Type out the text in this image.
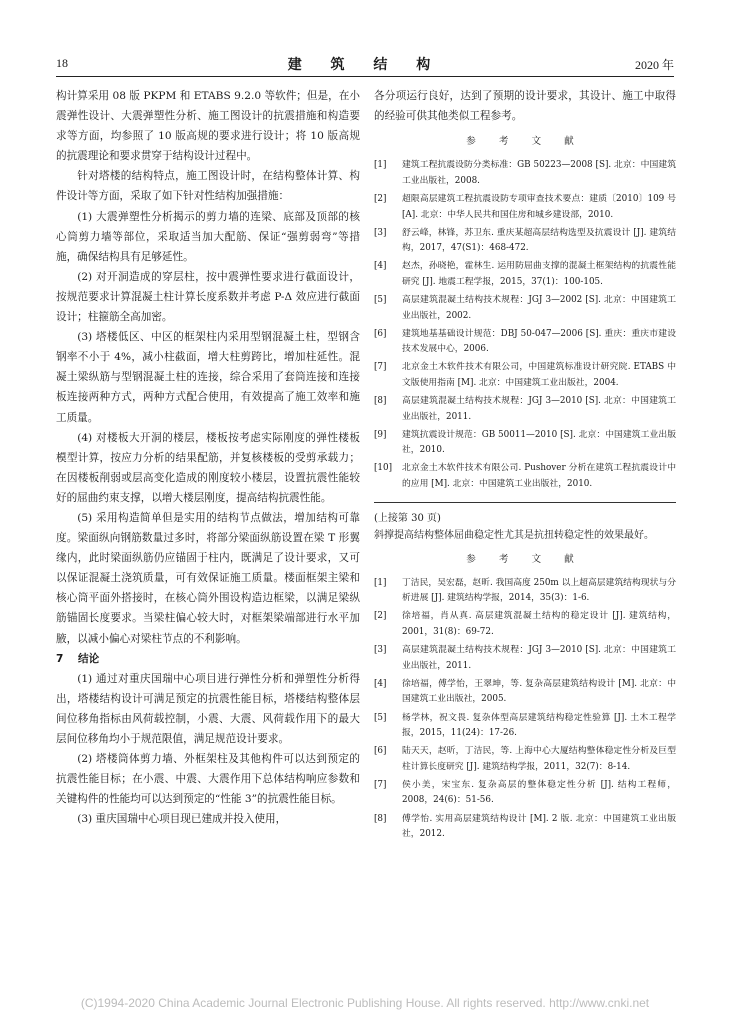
18	建 筑 结 构	2020 年

构计算采用 08 版 PKPM 和 ETABS 9.2.0 等软件；但是，在小震弹性设计、大震弹塑性分析、施工图设计的抗震措施和构造要求等方面，均参照了 10 版高规的要求进行设计；将 10 版高规的抗震理论和要求贯穿于结构设计过程中。

针对塔楼的结构特点，施工图设计时，在结构整体计算、构件设计等方面，采取了如下针对性结构加强措施：

(1) 大震弹塑性分析揭示的剪力墙的连梁、底部及顶部的核心筒剪力墙等部位，采取适当加大配筋、保证“强剪弱弯”等措施，确保结构具有足够延性。

(2) 对开洞造成的穿层柱，按中震弹性要求进行截面设计，按规范要求计算混凝土柱计算长度系数并考虑 P-Δ 效应进行截面设计；柱箍筋全高加密。

(3) 塔楼低区、中区的框架柱内采用型钢混凝土柱，型钢含钢率不小于 4%，减小柱截面，增大柱剪跨比，增加柱延性。混凝土梁纵筋与型钢混凝土柱的连接，综合采用了套筒连接和连接板连接两种方式，两种方式配合使用，有效提高了施工效率和施工质量。

(4) 对楼板大开洞的楼层，楼板按考虑实际刚度的弹性楼板模型计算，按应力分析的结果配筋，并复核楼板的受剪承载力；在因楼板削弱或层高变化造成的刚度较小楼层，设置抗震性能较好的屈曲约束支撑，以增大楼层刚度，提高结构抗震性能。

(5) 采用构造简单但是实用的结构节点做法，增加结构可靠度。梁面纵向钢筋数量过多时，将部分梁面纵筋设置在梁 T 形翼缘内，此时梁面纵筋仍应锚固于柱内，既满足了设计要求，又可以保证混凝土浇筑质量，可有效保证施工质量。楼面框架主梁和核心筒平面外搭接时，在核心筒外围设构造边框梁，以满足梁纵筋锚固长度要求。当梁柱偏心较大时，对框架梁端部进行水平加腋，以减小偏心对梁柱节点的不利影响。

7 结论

(1) 通过对重庆国瑞中心项目进行弹性分析和弹塑性分析得出，塔楼结构设计可满足预定的抗震性能目标，塔楼结构整体层间位移角指标由风荷载控制，小震、大震、风荷载作用下的最大层间位移角均小于规范限值，满足规范设计要求。

(2) 塔楼筒体剪力墙、外框架柱及其他构件可以达到预定的抗震性能目标；在小震、中震、大震作用下总体结构响应参数和关键构件的性能均可以达到预定的“性能 3”的抗震性能目标。

(3) 重庆国瑞中心项目现已建成并投入使用，

各分项运行良好，达到了预期的设计要求，其设计、施工中取得的经验可供其他类似工程参考。

参 考 文 献
[1]	建筑工程抗震设防分类标准：GB 50223—2008 [S]. 北京：中国建筑工业出版社，2008.
[2]	超限高层建筑工程抗震设防专项审查技术要点：建质〔2010〕109 号 [A]. 北京：中华人民共和国住房和城乡建设部，2010.
[3]	舒云峰，林锋，苏卫东. 重庆某超高层结构选型及抗震设计 [J]. 建筑结构，2017，47(S1)：468-472.
[4]	赵杰，孙晓艳，霍林生. 运用防屈曲支撑的混凝土框架结构的抗震性能研究 [J]. 地震工程学报，2015，37(1)：100-105.
[5]	高层建筑混凝土结构技术规程：JGJ 3—2002 [S]. 北京：中国建筑工业出版社，2002.
[6]	建筑地基基础设计规范：DBJ 50-047—2006 [S]. 重庆：重庆市建设技术发展中心，2006.
[7]	北京金土木软件技术有限公司，中国建筑标准设计研究院. ETABS 中文版使用指南 [M]. 北京：中国建筑工业出版社，2004.
[8]	高层建筑混凝土结构技术规程：JGJ 3—2010 [S]. 北京：中国建筑工业出版社，2011.
[9]	建筑抗震设计规范：GB 50011—2010 [S]. 北京：中国建筑工业出版社，2010.
[10]	北京金土木软件技术有限公司. Pushover 分析在建筑工程抗震设计中的应用 [M]. 北京：中国建筑工业出版社，2010.

(上接第 30 页)

斜撑提高结构整体屈曲稳定性尤其是抗扭转稳定性的效果最好。

参 考 文 献
[1]	丁洁民，吴宏磊，赵昕. 我国高度 250m 以上超高层建筑结构现状与分析进展 [J]. 建筑结构学报，2014，35(3)：1-6.
[2]	徐培福，肖从真. 高层建筑混凝土结构的稳定设计 [J]. 建筑结构，2001，31(8)：69-72.
[3]	高层建筑混凝土结构技术规程：JGJ 3—2010 [S]. 北京：中国建筑工业出版社，2011.
[4]	徐培福，傅学怡，王翠坤，等. 复杂高层建筑结构设计 [M]. 北京：中国建筑工业出版社，2005.
[5]	杨学林，祝文畏. 复杂体型高层建筑结构稳定性验算 [J]. 土木工程学报，2015，11(24)：17-26.
[6]	陆天天，赵昕，丁洁民，等. 上海中心大厦结构整体稳定性分析及巨型柱计算长度研究 [J]. 建筑结构学报，2011，32(7)：8-14.
[7]	侯小美，宋宝东. 复杂高层的整体稳定性分析 [J]. 结构工程师，2008，24(6)：51-56.
[8]	傅学怡. 实用高层建筑结构设计 [M]. 2 版. 北京：中国建筑工业出版社，2012.
(C)1994-2020 China Academic Journal Electronic Publishing House. All rights reserved. http://www.cnki.net
